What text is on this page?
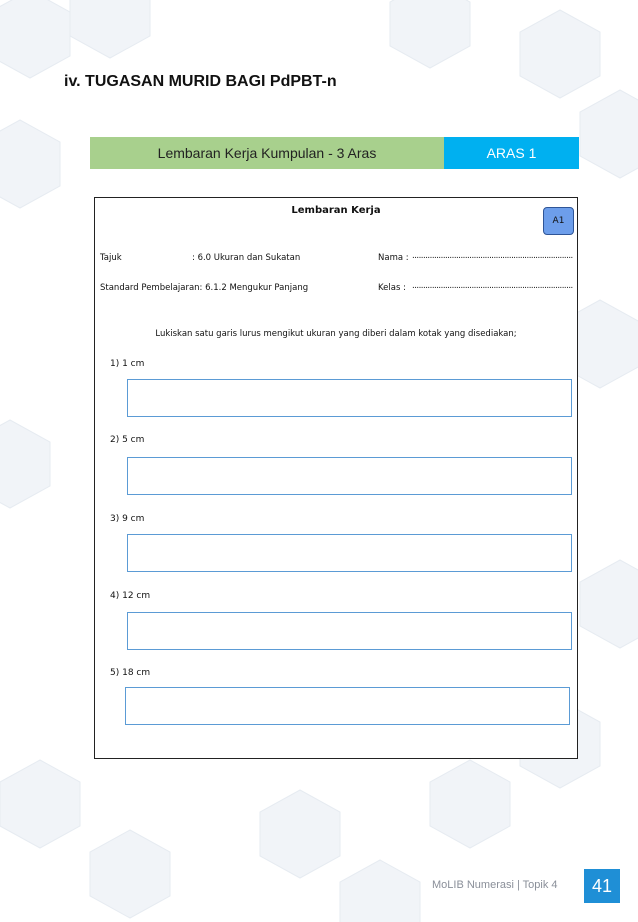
iv. TUGASAN MURID BAGI PdPBT-n
Lembaran Kerja Kumpulan - 3 Aras	ARAS 1
Lembaran Kerja
A1
Tajuk	: 6.0 Ukuran dan Sukatan	Nama : .........................................................................
Standard Pembelajaran: 6.1.2 Mengukur Panjang	Kelas : .........................................................................
Lukiskan satu garis lurus mengikut ukuran yang diberi dalam kotak yang disediakan;
1) 1 cm
2) 5 cm
3) 9 cm
4) 12 cm
5) 18 cm
MoLIB Numerasi | Topik 4	41
